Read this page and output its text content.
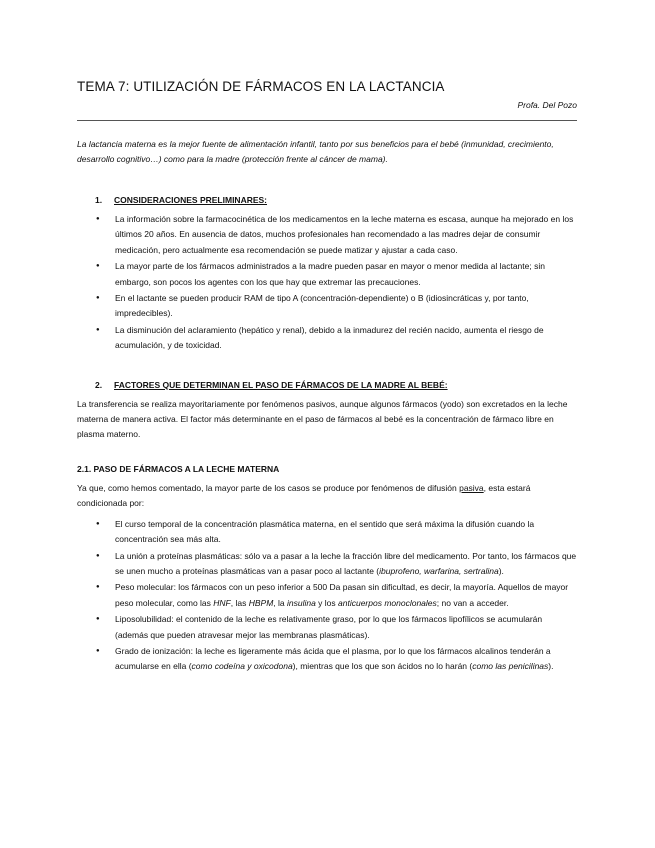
TEMA 7: UTILIZACIÓN DE FÁRMACOS EN LA LACTANCIA
Profa. Del Pozo

La lactancia materna es la mejor fuente de alimentación infantil, tanto por sus beneficios para el bebé (inmunidad, crecimiento, desarrollo cognitivo…) como para la madre (protección frente al cáncer de mama).

1.	CONSIDERACIONES PRELIMINARES:
● La información sobre la farmacocinética de los medicamentos en la leche materna es escasa, aunque ha mejorado en los últimos 20 años. En ausencia de datos, muchos profesionales han recomendado a las madres dejar de consumir medicación, pero actualmente esa recomendación se puede matizar y ajustar a cada caso.
● La mayor parte de los fármacos administrados a la madre pueden pasar en mayor o menor medida al lactante; sin embargo, son pocos los agentes con los que hay que extremar las precauciones.
● En el lactante se pueden producir RAM de tipo A (concentración-dependiente) o B (idiosincráticas y, por tanto, impredecibles).
● La disminución del aclaramiento (hepático y renal), debido a la inmadurez del recién nacido, aumenta el riesgo de acumulación, y de toxicidad.
2.	FACTORES QUE DETERMINAN EL PASO DE FÁRMACOS DE LA MADRE AL BEBÉ:

La transferencia se realiza mayoritariamente por fenómenos pasivos, aunque algunos fármacos (yodo) son excretados en la leche materna de manera activa. El factor más determinante en el paso de fármacos al bebé es la concentración de fármaco libre en plasma materno.

2.1. PASO DE FÁRMACOS A LA LECHE MATERNA

Ya que, como hemos comentado, la mayor parte de los casos se produce por fenómenos de difusión pasiva, esta estará condicionada por:

● El curso temporal de la concentración plasmática materna, en el sentido que será máxima la difusión cuando la concentración sea más alta.
● La unión a proteínas plasmáticas: sólo va a pasar a la leche la fracción libre del medicamento. Por tanto, los fármacos que se unen mucho a proteínas plasmáticas van a pasar poco al lactante (ibuprofeno, warfarina, sertralina).
● Peso molecular: los fármacos con un peso inferior a 500 Da pasan sin dificultad, es decir, la mayoría. Aquellos de mayor peso molecular, como las HNF, las HBPM, la insulina y los anticuerpos monoclonales; no van a acceder.
● Liposolubilidad: el contenido de la leche es relativamente graso, por lo que los fármacos lipofílicos se acumularán (además que pueden atravesar mejor las membranas plasmáticas).
● Grado de ionización: la leche es ligeramente más ácida que el plasma, por lo que los fármacos alcalinos tenderán a acumularse en ella (como codeína y oxicodona), mientras que los que son ácidos no lo harán (como las penicilinas).
